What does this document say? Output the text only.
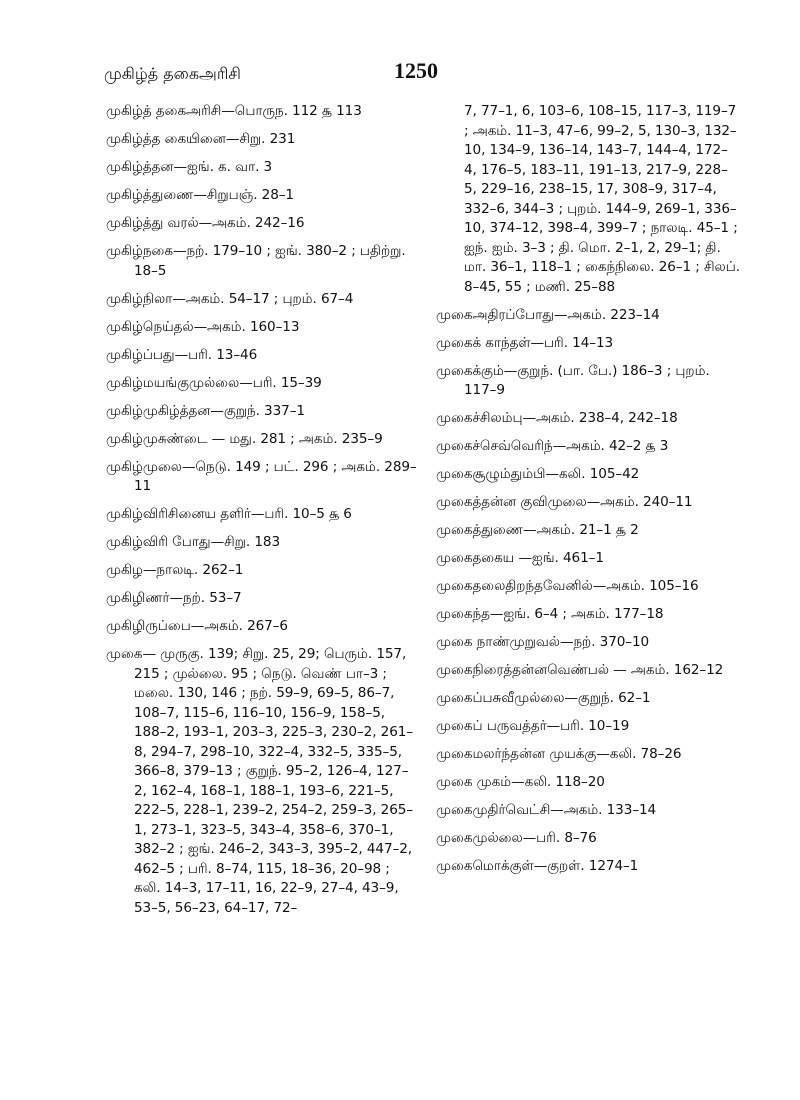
முகிழ்த் தகைஅரிசி	1250
முகிழ்த் தகைஅரிசி—பொருந. 112 ௲ 113
முகிழ்த்த கையினை—சிறு. 231
முகிழ்த்தன—ஐங். க. வா. 3
முகிழ்த்துணை—சிறுபஞ். 28–1
முகிழ்த்து வரல்—அகம். 242–16
முகிழ்நகை—நற். 179–10 ; ஐங். 380–2 ; பதிற்று. 18–5
முகிழ்நிலா—அகம். 54–17 ; புறம். 67–4
முகிழ்நெய்தல்—அகம். 160–13
முகிழ்ப்பது—பரி. 13–46
முகிழ்மயங்குமுல்லை—பரி. 15–39
முகிழ்முகிழ்த்தன—குறுந். 337–1
முகிழ்முசுண்டை — மது. 281 ; அகம். 235–9
முகிழ்முலை—நெடு. 149 ; பட். 296 ; அகம். 289–11
முகிழ்விரிசினைய தளிர்—பரி. 10–5 ௲ 6
முகிழ்விரி போது—சிறு. 183
முகிழ—நாலடி. 262–1
முகிழிணர்—நற். 53–7
முகிழிருப்பை—அகம். 267–6
முகை— முருகு. 139; சிறு. 25, 29; பெரும். 157, 215 ; முல்லை. 95 ; நெடு. வெண் பா–3 ; மலை. 130, 146 ; நற். 59–9, 69–5, 86–7, 108–7, 115–6, 116–10, 156–9, 158–5, 188–2, 193–1, 203–3, 225–3, 230–2, 261–8, 294–7, 298–10, 322–4, 332–5, 335–5, 366–8, 379–13 ; குறுந். 95–2, 126–4, 127–2, 162–4, 168–1, 188–1, 193–6, 221–5, 222–5, 228–1, 239–2, 254–2, 259–3, 265–1, 273–1, 323–5, 343–4, 358–6, 370–1, 382–2 ; ஐங். 246–2, 343–3, 395–2, 447–2, 462–5 ; பரி. 8–74, 115, 18–36, 20–98 ; கலி. 14–3, 17–11, 16, 22–9, 27–4, 43–9, 53–5, 56–23, 64–17, 72–
7, 77–1, 6, 103–6, 108–15, 117–3, 119–7 ; அகம். 11–3, 47–6, 99–2, 5, 130–3, 132–10, 134–9, 136–14, 143–7, 144–4, 172–4, 176–5, 183–11, 191–13, 217–9, 228–5, 229–16, 238–15, 17, 308–9, 317–4, 332–6, 344–3 ; புறம். 144–9, 269–1, 336–10, 374–12, 398–4, 399–7 ; நாலடி. 45–1 ; ஐந். ஐம். 3–3 ; தி. மொ. 2–1, 2, 29–1; தி. மா. 36–1, 118–1 ; கைந்நிலை. 26–1 ; சிலப். 8–45, 55 ; மணி. 25–88
முகைஅதிரப்போது—அகம். 223–14
முகைக் காந்தள்—பரி. 14–13
முகைக்கும்—குறுந். (பா. பே.) 186–3 ; புறம். 117–9
முகைச்சிலம்பு—அகம். 238–4, 242–18
முகைச்செவ்வெரிந்—அகம். 42–2 ௲ 3
முகைசூழும்தும்பி—கலி. 105–42
முகைத்தன்ன குவிமுலை—அகம். 240–11
முகைத்துணை—அகம். 21–1 ௲ 2
முகைதகைய —ஐங். 461–1
முகைதலைதிறந்தவேனில்—அகம். 105–16
முகைந்த—ஐங். 6–4 ; அகம். 177–18
முகை நாண்முறுவல்—நற். 370–10
முகைநிரைத்தன்னவெண்பல் — அகம். 162–12
முகைப்பசுவீமுல்லை—குறுந். 62–1
முகைப் பருவத்தர்—பரி. 10–19
முகைமலர்ந்தன்ன முயக்கு—கலி. 78–26
முகை முகம்—கலி. 118–20
முகைமுதிர்வெட்சி—அகம். 133–14
முகைமுல்லை—பரி. 8–76
முகைமொக்குள்—குறள். 1274–1
